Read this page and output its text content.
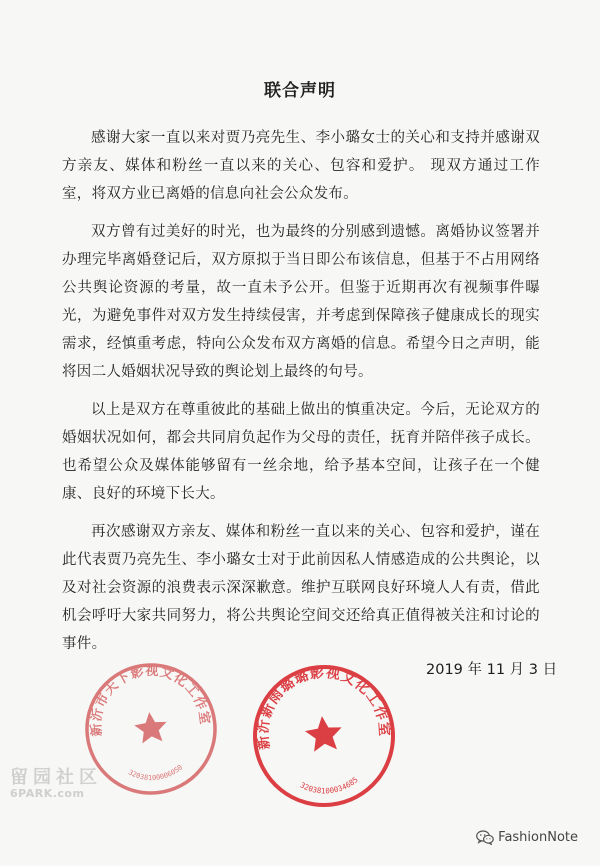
联合声明

感谢大家一直以来对贾乃亮先生、李小璐女士的关心和支持并感谢双方亲友、媒体和粉丝一直以来的关心、包容和爱护。 现双方通过工作室，将双方业已离婚的信息向社会公众发布。

双方曾有过美好的时光，也为最终的分别感到遗憾。离婚协议签署并办理完毕离婚登记后，双方原拟于当日即公布该信息，但基于不占用网络公共舆论资源的考量，故一直未予公开。但鉴于近期再次有视频事件曝光，为避免事件对双方发生持续侵害，并考虑到保障孩子健康成长的现实需求，经慎重考虑，特向公众发布双方离婚的信息。希望今日之声明，能将因二人婚姻状况导致的舆论划上最终的句号。

以上是双方在尊重彼此的基础上做出的慎重决定。今后，无论双方的婚姻状况如何，都会共同肩负起作为父母的责任，抚育并陪伴孩子成长。也希望公众及媒体能够留有一丝余地，给予基本空间，让孩子在一个健康、良好的环境下长大。

再次感谢双方亲友、媒体和粉丝一直以来的关心、包容和爱护，谨在此代表贾乃亮先生、李小璐女士对于此前因私人情感造成的公共舆论，以及对社会资源的浪费表示深深歉意。维护互联网良好环境人人有责，借此机会呼吁大家共同努力，将公共舆论空间交还给真正值得被关注和讨论的事件。

2019 年 11 月 3 日
新沂市天下影视文化工作室
32038100006050
新沂新雨璐璐影视文化工作室
32038100034685
留园社区
6PARK.com
FashionNote
